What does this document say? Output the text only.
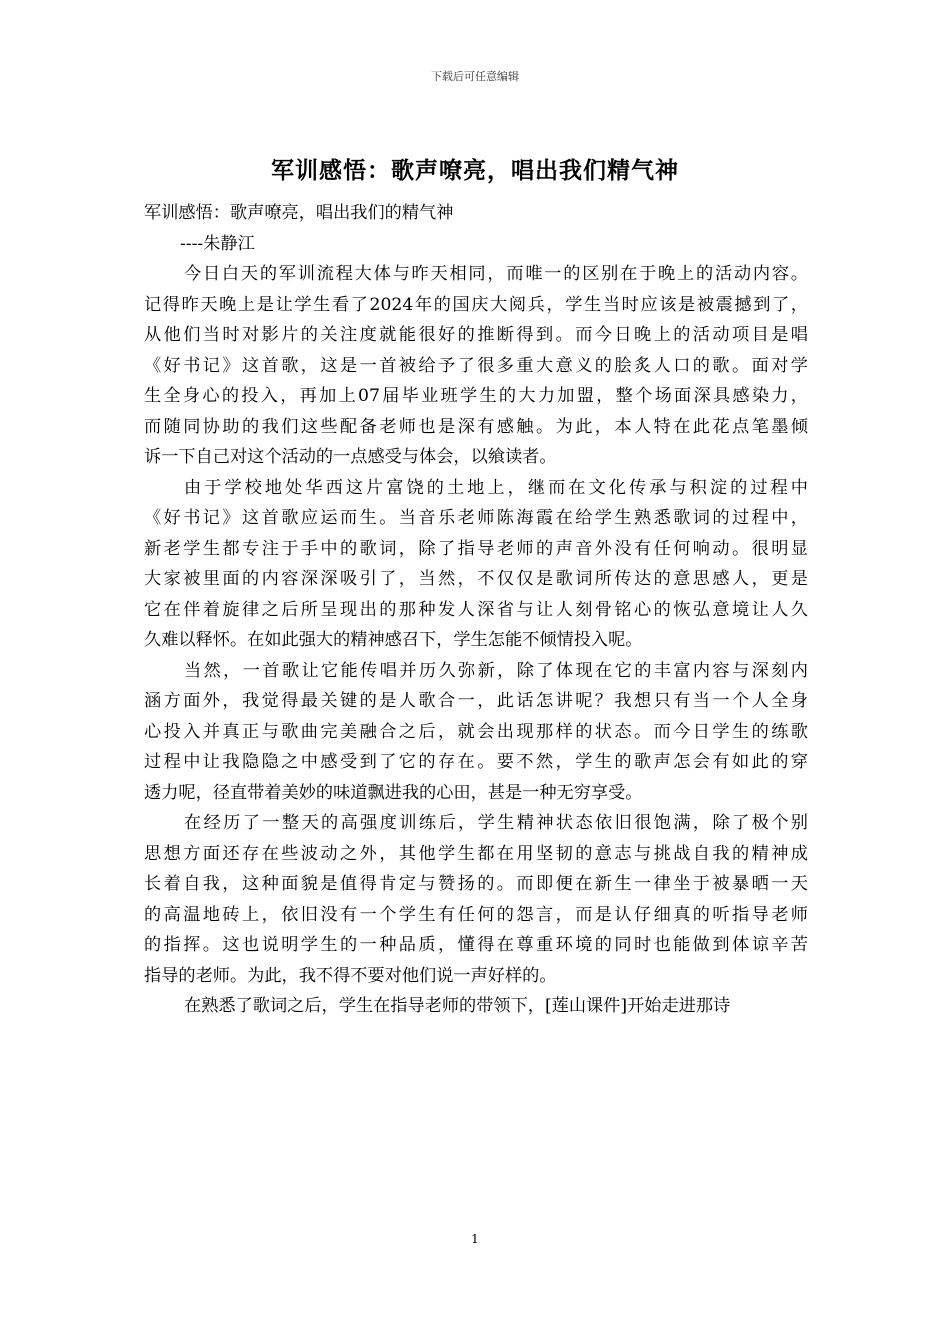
下载后可任意编辑
军训感悟：歌声嘹亮，唱出我们精气神
军训感悟：歌声嘹亮，唱出我们的精气神
----朱静江

今日白天的军训流程大体与昨天相同，而唯一的区别在于晚上的活动内容。
记得昨天晚上是让学生看了2024年的国庆大阅兵，学生当时应该是被震撼到了，
从他们当时对影片的关注度就能很好的推断得到。而今日晚上的活动项目是唱
《好书记》这首歌，这是一首被给予了很多重大意义的脍炙人口的歌。面对学
生全身心的投入，再加上07届毕业班学生的大力加盟，整个场面深具感染力，
而随同协助的我们这些配备老师也是深有感触。为此，本人特在此花点笔墨倾
诉一下自己对这个活动的一点感受与体会，以飨读者。

由于学校地处华西这片富饶的土地上，继而在文化传承与积淀的过程中
《好书记》这首歌应运而生。当音乐老师陈海霞在给学生熟悉歌词的过程中，
新老学生都专注于手中的歌词，除了指导老师的声音外没有任何响动。很明显
大家被里面的内容深深吸引了，当然，不仅仅是歌词所传达的意思感人，更是
它在伴着旋律之后所呈现出的那种发人深省与让人刻骨铭心的恢弘意境让人久
久难以释怀。在如此强大的精神感召下，学生怎能不倾情投入呢。

当然，一首歌让它能传唱并历久弥新，除了体现在它的丰富内容与深刻内
涵方面外，我觉得最关键的是人歌合一，此话怎讲呢？我想只有当一个人全身
心投入并真正与歌曲完美融合之后，就会出现那样的状态。而今日学生的练歌
过程中让我隐隐之中感受到了它的存在。要不然，学生的歌声怎会有如此的穿
透力呢，径直带着美妙的味道飘进我的心田，甚是一种无穷享受。

在经历了一整天的高强度训练后，学生精神状态依旧很饱满，除了极个别
思想方面还存在些波动之外，其他学生都在用坚韧的意志与挑战自我的精神成
长着自我，这种面貌是值得肯定与赞扬的。而即便在新生一律坐于被暴晒一天
的高温地砖上，依旧没有一个学生有任何的怨言，而是认仔细真的听指导老师
的指挥。这也说明学生的一种品质，懂得在尊重环境的同时也能做到体谅辛苦
指导的老师。为此，我不得不要对他们说一声好样的。

在熟悉了歌词之后，学生在指导老师的带领下，[莲山课件]开始走进那诗

1
